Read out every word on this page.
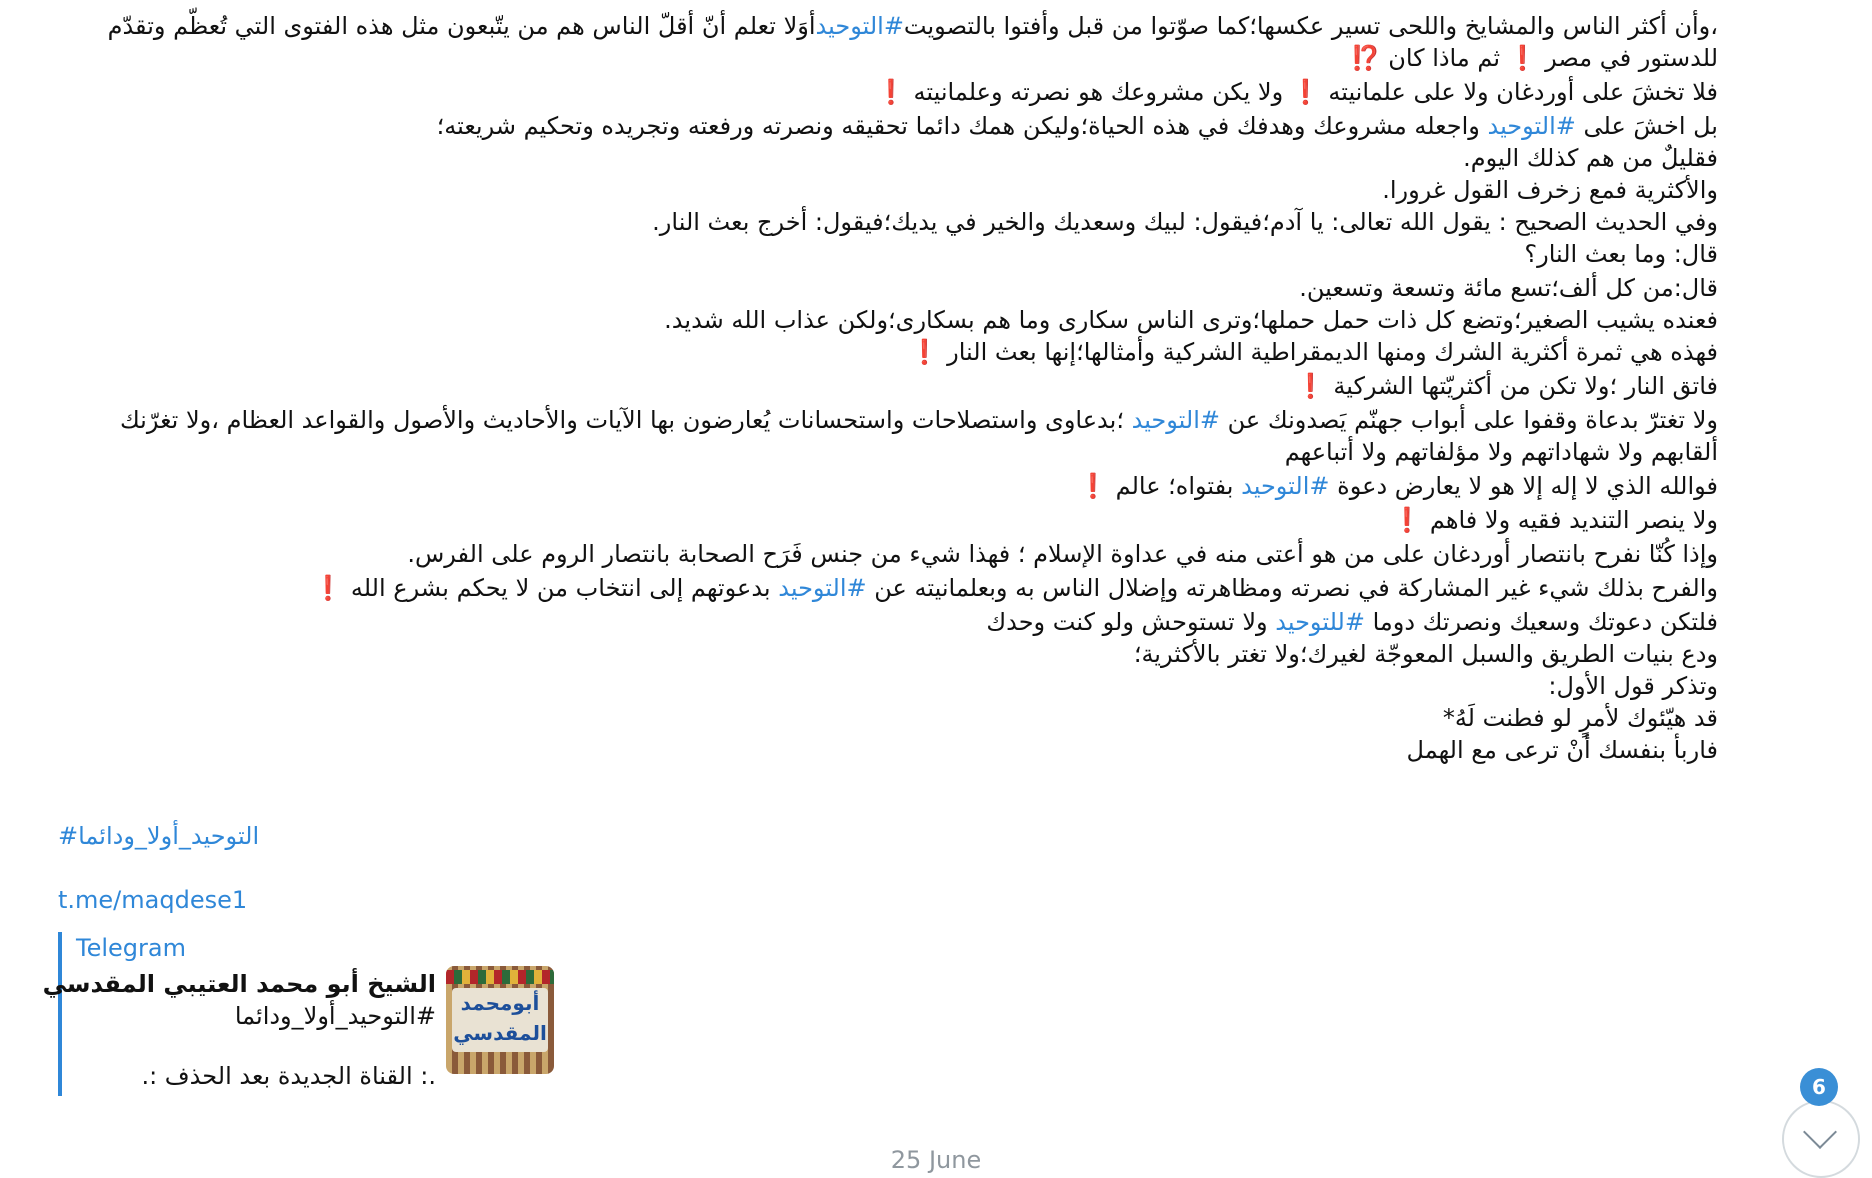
،وأن أكثر الناس والمشايخ واللحى تسير عكسها؛كما صوّتوا من قبل وأفتوا بالتصويت#التوحيدأوَلا تعلم أنّ أقلّ الناس هم من يتّبعون مثل هذه الفتوى التي تُعظّم وتقدّم
للدستور في مصر ❗ ثم ماذا كان ⁉️
فلا تخشَ على أوردغان ولا على علمانيته ❗ ولا يكن مشروعك هو نصرته وعلمانيته ❗
بل اخشَ على #التوحيد واجعله مشروعك وهدفك في هذه الحياة؛وليكن همك دائما تحقيقه ونصرته ورفعته وتجريده وتحكيم شريعته؛
فقليلٌ من هم كذلك اليوم.
والأكثرية فمع زخرف القول غرورا.
وفي الحديث الصحيح : يقول الله تعالى: يا آدم؛فيقول: لبيك وسعديك والخير في يديك؛فيقول: أخرج بعث النار.
قال: وما بعث النار؟
قال:من كل ألف؛تسع مائة وتسعة وتسعين.
فعنده يشيب الصغير؛وتضع كل ذات حمل حملها؛وترى الناس سكارى وما هم بسكارى؛ولكن عذاب الله شديد.
فهذه هي ثمرة أكثرية الشرك ومنها الديمقراطية الشركية وأمثالها؛إنها بعث النار ❗
فاتق النار ؛ولا تكن من أكثريّتها الشركية ❗
ولا تغترّ بدعاة وقفوا على أبواب جهنّم يَصدونك عن #التوحيد ؛بدعاوى واستصلاحات واستحسانات يُعارضون بها الآيات والأحاديث والأصول والقواعد العظام ،ولا تغرّنك
ألقابهم ولا شهاداتهم ولا مؤلفاتهم ولا أتباعهم
فوالله الذي لا إله إلا هو لا يعارض دعوة #التوحيد بفتواه؛ عالم ❗
ولا ينصر التنديد فقيه ولا فاهم ❗
وإذا كُنّا نفرح بانتصار أوردغان على من هو أعتى منه في عداوة الإسلام ؛ فهذا شيء من جنس فَرَح الصحابة بانتصار الروم على الفرس.
والفرح بذلك شيء غير المشاركة في نصرته ومظاهرته وإضلال الناس به وبعلمانيته عن #التوحيد بدعوتهم إلى انتخاب من لا يحكم بشرع الله ❗
فلتكن دعوتك وسعيك ونصرتك دوما #للتوحيد ولا تستوحش ولو كنت وحدك
ودع بنيات الطريق والسبل المعوجّة لغيرك؛ولا تغتر بالأكثرية؛
وتذكر قول الأول:
قد هيّئوك لأمرٍ لو فطنت لَهُ*
فاربأ بنفسك أنْ ترعى مع الهمل
#التوحيد_أولا_ودائما
t.me/maqdese1
Telegram
الشيخ أبو محمد العتيبي المقدسي
#التوحيد_أولا_ودائما
.: القناة الجديدة بعد الحذف :.
أبومحمد
المقدسي
25 June
6
